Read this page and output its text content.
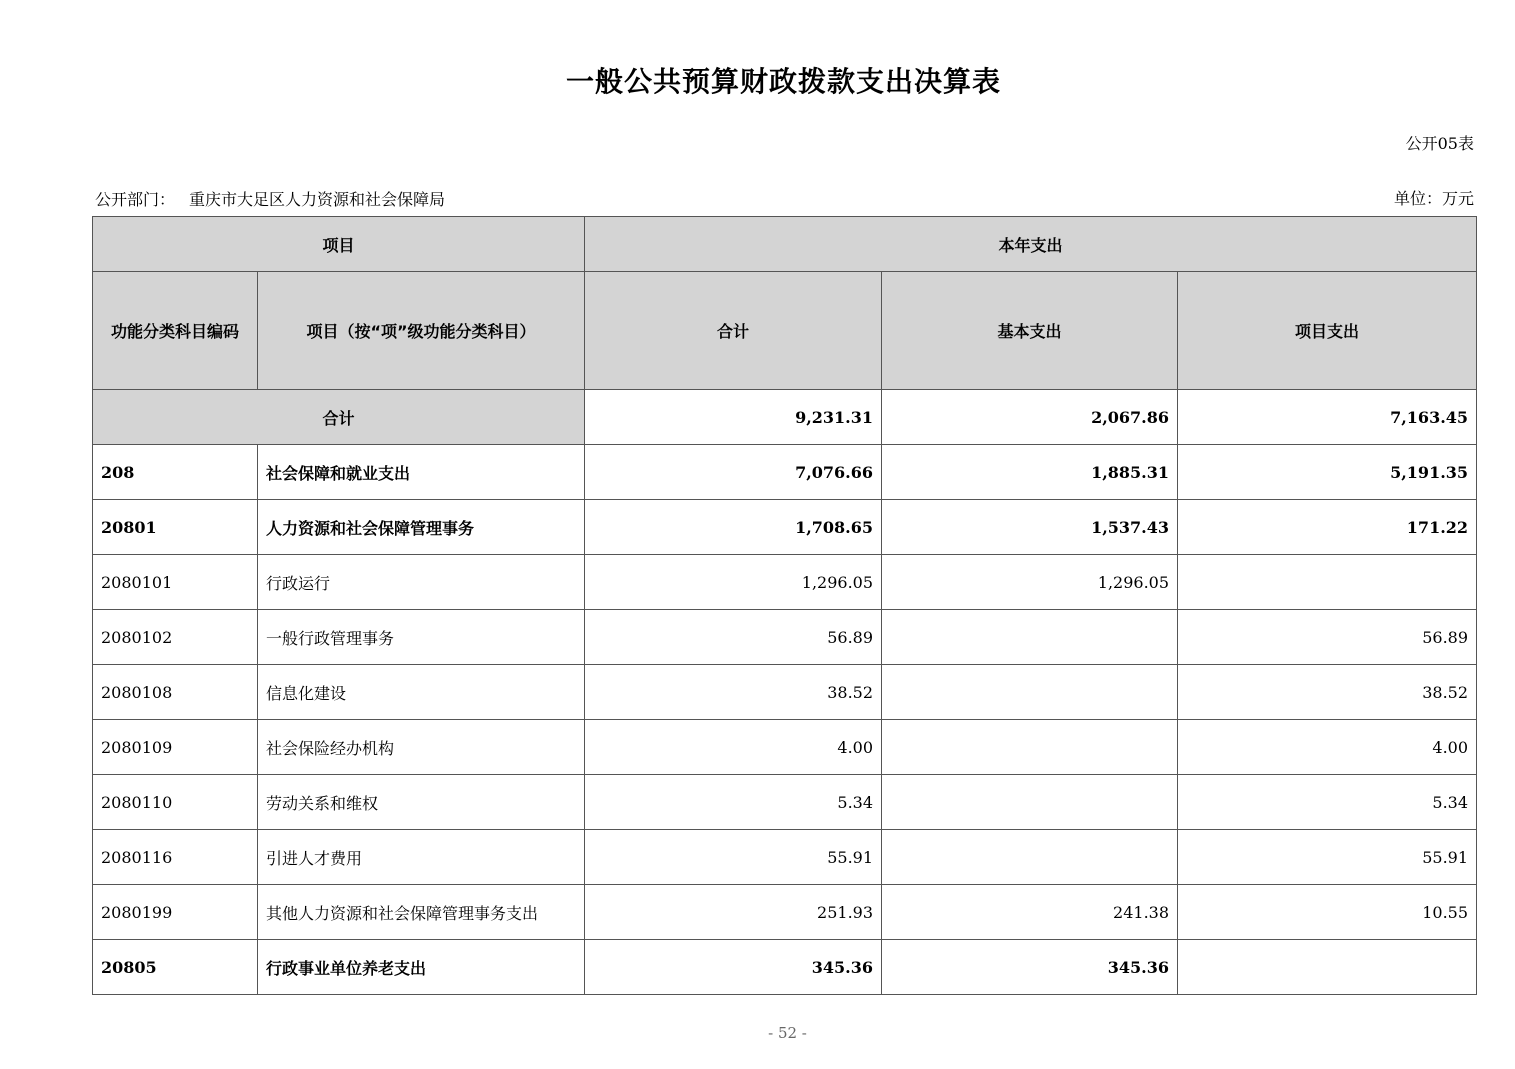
一般公共预算财政拨款支出决算表
公开05表
公开部门： 重庆市大足区人力资源和社会保障局	单位：万元
项目		本年支出		
功能分类科目编码	项目（按“项”级功能分类科目）	合计	基本支出	项目支出
合计		9,231.31	2,067.86	7,163.45
208	社会保障和就业支出	7,076.66	1,885.31	5,191.35
20801	人力资源和社会保障管理事务	1,708.65	1,537.43	171.22
2080101	行政运行	1,296.05	1,296.05	
2080102	一般行政管理事务	56.89		56.89
2080108	信息化建设	38.52		38.52
2080109	社会保险经办机构	4.00		4.00
2080110	劳动关系和维权	5.34		5.34
2080116	引进人才费用	55.91		55.91
2080199	其他人力资源和社会保障管理事务支出	251.93	241.38	10.55
20805	行政事业单位养老支出	345.36	345.36	
- 52 -
